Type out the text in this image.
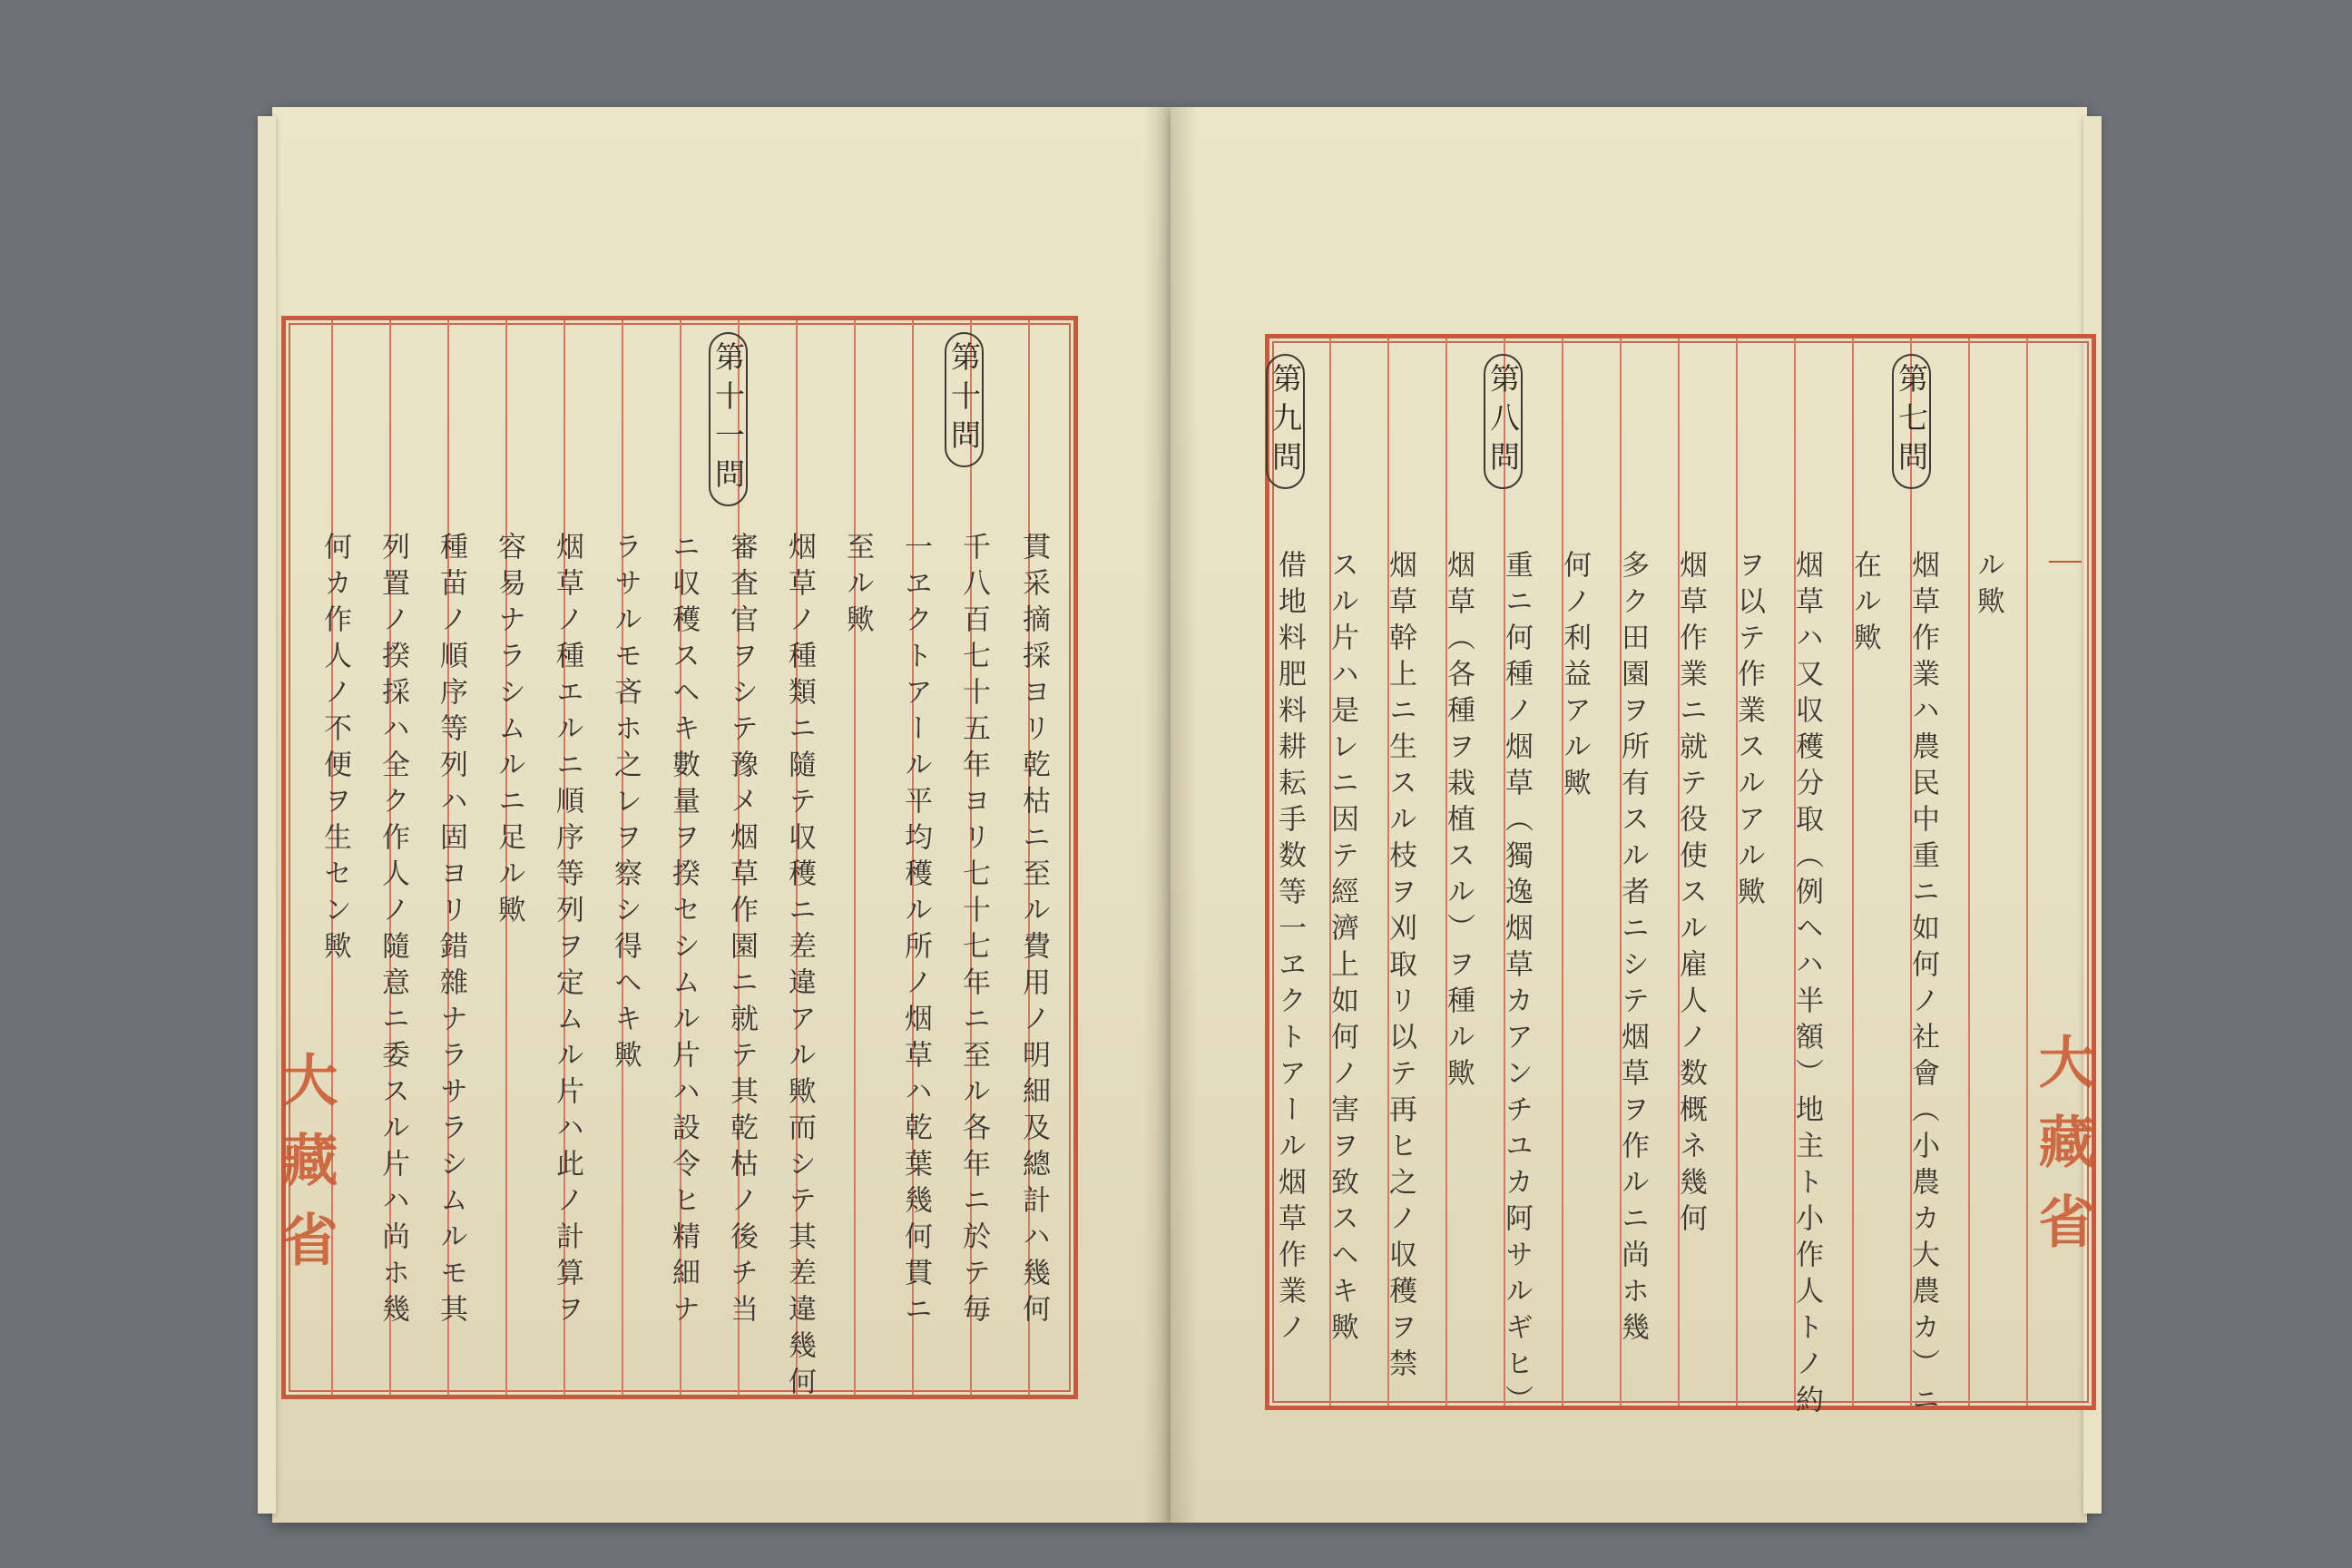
貫采摘採ヨリ乾枯ニ至ル費用ノ明細及總計ハ幾何
第十問
千八百七十五年ヨリ七十七年ニ至ル各年ニ於テ毎
一ヱクトアール平均穫ル所ノ烟草ハ乾葉幾何貫ニ
至ル歟
第十一問
烟草ノ種類ニ隨テ収穫ニ差違アル歟而シテ其差違幾何
審査官ヲシテ豫メ烟草作園ニ就テ其乾枯ノ後チ当
ニ収穫スヘキ數量ヲ揆セシムル片ハ設令ヒ精細ナ
ラサルモ吝ホ之レヲ察シ得ヘキ歟
烟草ノ種エルニ順序等列ヲ定ムル片ハ此ノ計算ヲ
容易ナラシムルニ足ル歟
種苗ノ順序等列ハ固ヨリ錯雜ナラサラシムルモ其
列置ノ揆採ハ全ク作人ノ隨意ニ委スル片ハ尚ホ幾
何カ作人ノ不便ヲ生セン歟
大藏省
ル歟
第七問
烟草作業ハ農民中重ニ如何ノ社會（小農カ大農カ）ニ
在ル歟
烟草ハ又収穫分取（例ヘハ半額）地主ト小作人トノ約
ヲ以テ作業スルアル歟
烟草作業ニ就テ役使スル雇人ノ数概ネ幾何
多ク田園ヲ所有スル者ニシテ烟草ヲ作ルニ尚ホ幾
何ノ利益アル歟
第八問
重ニ何種ノ烟草（獨逸烟草カアンチユカ阿サルギヒ）
烟草（各種ヲ栽植スル）ヲ種ル歟
烟草幹上ニ生スル枝ヲ刈取リ以テ再ヒ之ノ収穫ヲ禁
スル片ハ是レニ因テ經濟上如何ノ害ヲ致スヘキ歟
第九問
借地料肥料耕耘手数等一ヱクトアール烟草作業ノ	大藏省
